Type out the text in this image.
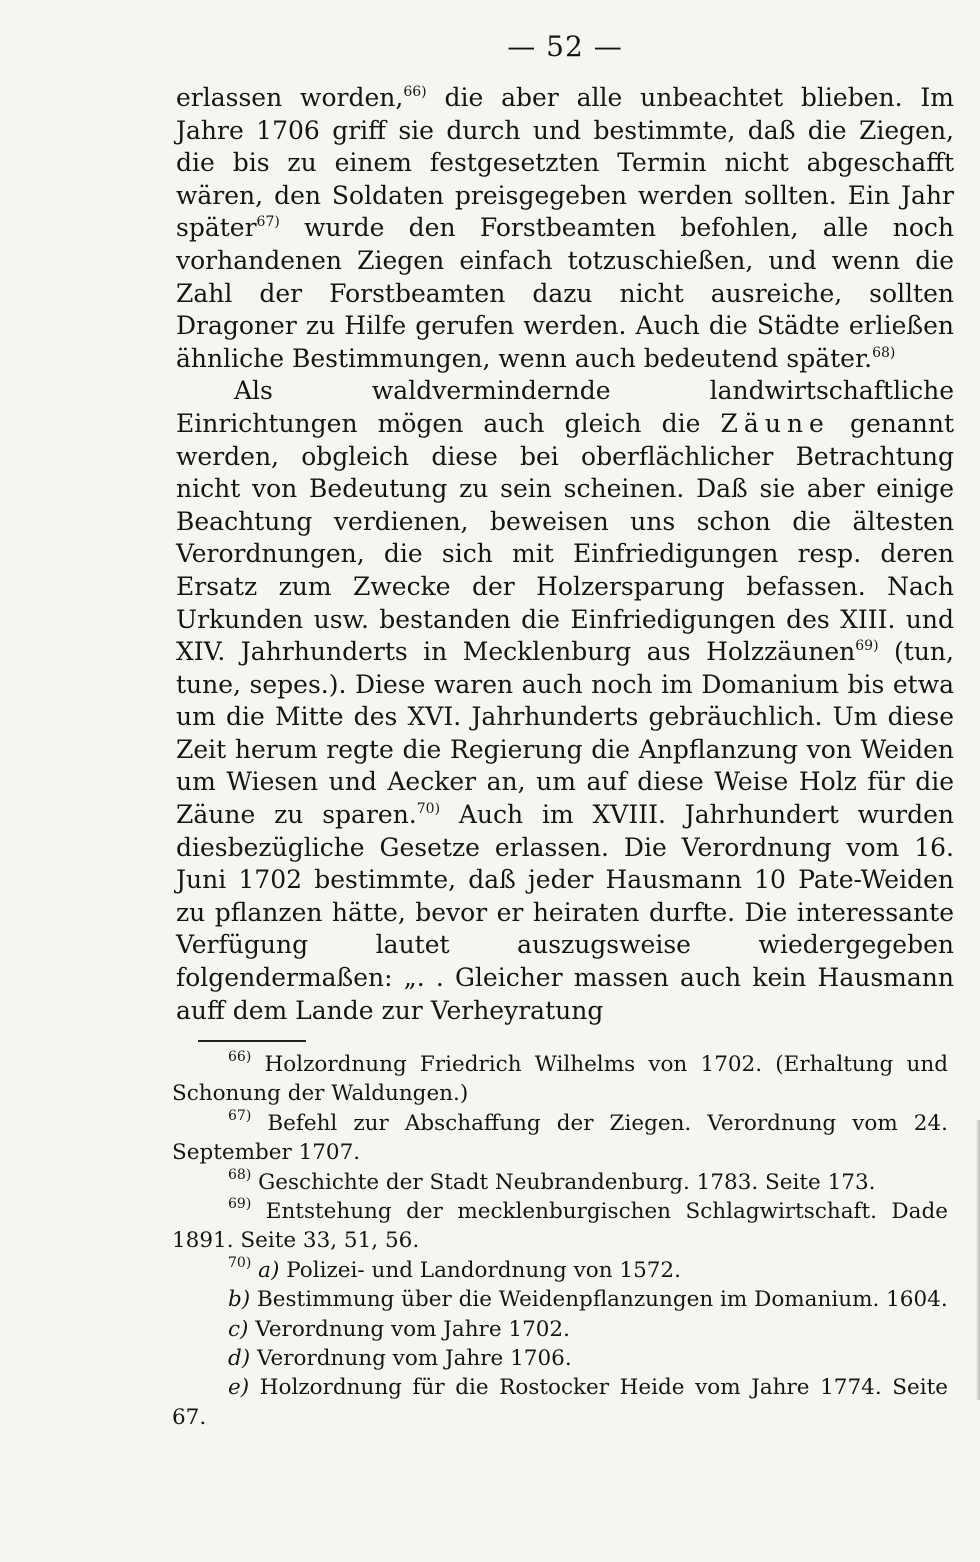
— 52 —

erlassen worden,$^{66)}$ die aber alle unbeachtet blieben. Im Jahre 1706 griff sie durch und bestimmte, daß die Ziegen, die bis zu einem festgesetzten Termin nicht abgeschafft wären, den Soldaten preisgegeben werden sollten. Ein Jahr später$^{67)}$ wurde den Forstbeamten befohlen, alle noch vorhandenen Ziegen einfach totzuschießen, und wenn die Zahl der Forstbeamten dazu nicht ausreiche, sollten Dragoner zu Hilfe gerufen werden. Auch die Städte erließen ähnliche Bestimmungen, wenn auch bedeutend später.$^{68)}$

Als waldvermindernde landwirtschaftliche Einrichtungen mögen auch gleich die Zäune genannt werden, obgleich diese bei oberflächlicher Betrachtung nicht von Bedeutung zu sein scheinen. Daß sie aber einige Beachtung verdienen, beweisen uns schon die ältesten Verordnungen, die sich mit Einfriedigungen resp. deren Ersatz zum Zwecke der Holzersparung befassen. Nach Urkunden usw. bestanden die Einfriedigungen des XIII. und XIV. Jahrhunderts in Mecklenburg aus Holzzäunen$^{69)}$ (tun, tune, sepes.). Diese waren auch noch im Domanium bis etwa um die Mitte des XVI. Jahrhunderts gebräuchlich. Um diese Zeit herum regte die Regierung die Anpflanzung von Weiden um Wiesen und Aecker an, um auf diese Weise Holz für die Zäune zu sparen.$^{70)}$ Auch im XVIII. Jahrhundert wurden diesbezügliche Gesetze erlassen. Die Verordnung vom 16. Juni 1702 bestimmte, daß jeder Hausmann 10 Pate-Weiden zu pflanzen hätte, bevor er heiraten durfte. Die interessante Verfügung lautet auszugsweise wiedergegeben folgendermaßen: „. . Gleicher massen auch kein Hausmann auff dem Lande zur Verheyratung

$^{66)}$ Holzordnung Friedrich Wilhelms von 1702. (Erhaltung und Schonung der Waldungen.)

$^{67)}$ Befehl zur Abschaffung der Ziegen. Verordnung vom 24. September 1707.

$^{68)}$ Geschichte der Stadt Neubrandenburg. 1783. Seite 173.

$^{69)}$ Entstehung der mecklenburgischen Schlagwirtschaft. Dade 1891. Seite 33, 51, 56.

$^{70)}$ a) Polizei- und Landordnung von 1572.

b) Bestimmung über die Weidenpflanzungen im Domanium. 1604.

c) Verordnung vom Jahre 1702.

d) Verordnung vom Jahre 1706.

e) Holzordnung für die Rostocker Heide vom Jahre 1774. Seite 67.
